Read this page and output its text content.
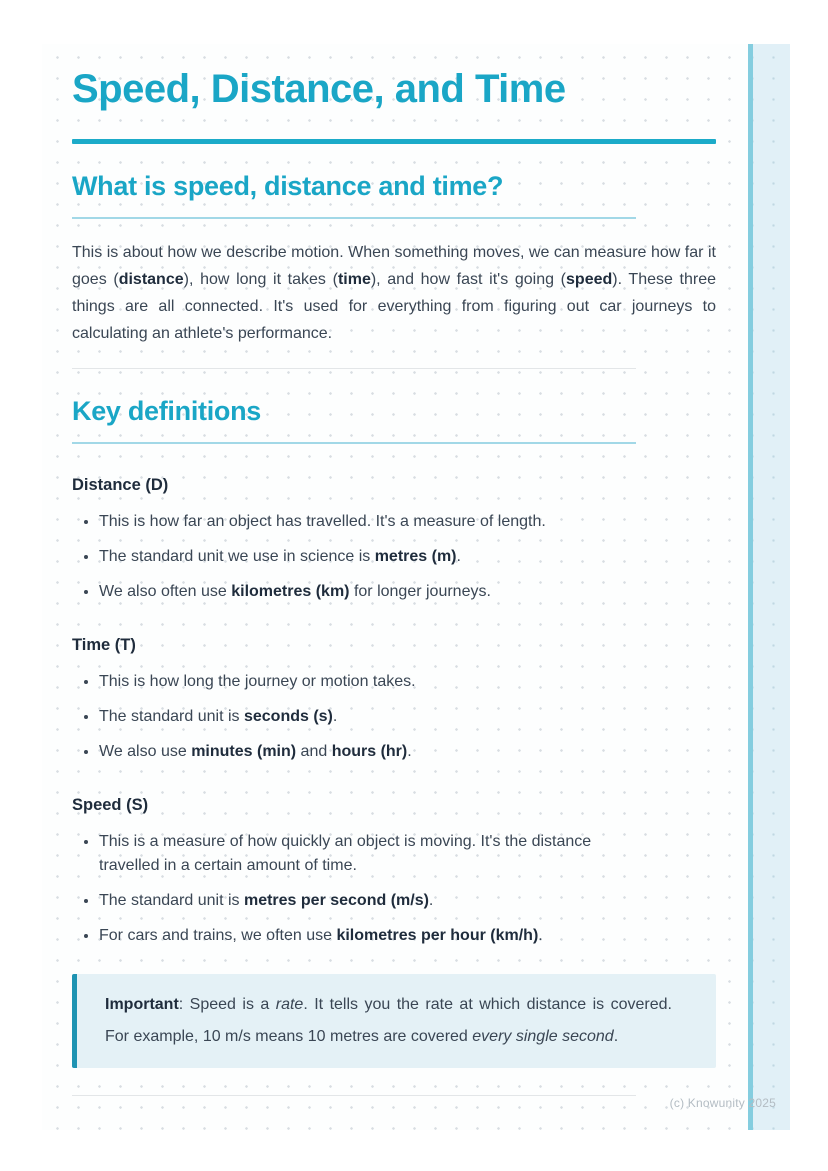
Speed, Distance, and Time
What is speed, distance and time?

This is about how we describe motion. When something moves, we can measure how far it goes (distance), how long it takes (time), and how fast it's going (speed). These three things are all connected. It's used for everything from figuring out car journeys to calculating an athlete's performance.

Key definitions
Distance (D)
• This is how far an object has travelled. It's a measure of length.
• The standard unit we use in science is metres (m).
• We also often use kilometres (km) for longer journeys.
Time (T)
• This is how long the journey or motion takes.
• The standard unit is seconds (s).
• We also use minutes (min) and hours (hr).
Speed (S)
• This is a measure of how quickly an object is moving. It's the distance travelled in a certain amount of time.
• The standard unit is metres per second (m/s).
• For cars and trains, we often use kilometres per hour (km/h).

Important: Speed is a rate. It tells you the rate at which distance is covered. For example, 10 m/s means 10 metres are covered every single second.

(c) Knowunity 2025
